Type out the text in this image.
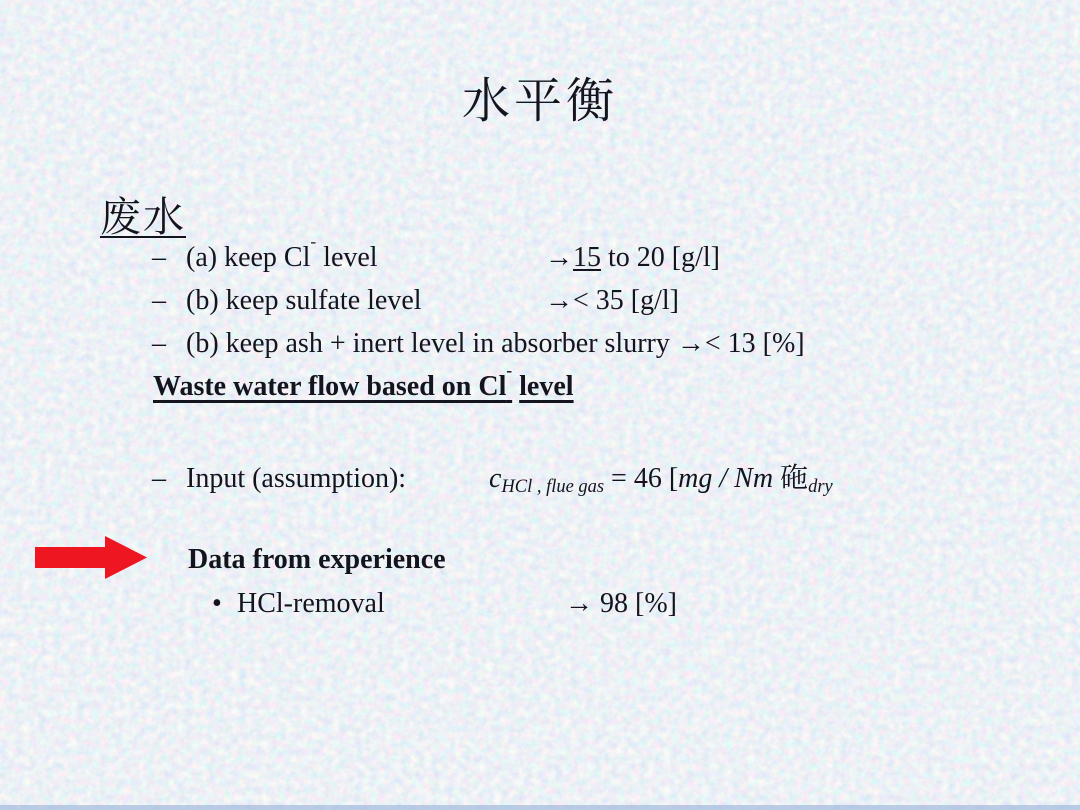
水平衡
废水
– (a) keep Cl- level	→15 to 20 [g/l]
– (b) keep sulfate level	→< 35 [g/l]
– (b) keep ash + inert level in absorber slurry →< 13 [%]
Waste water flow based on Cl- level
– Input (assumption):	$c_{HCl , flue gas} = 46$ [mg / Nm 砤$_{dry}$
Data from experience
• HCl-removal	→ 98 [%]
